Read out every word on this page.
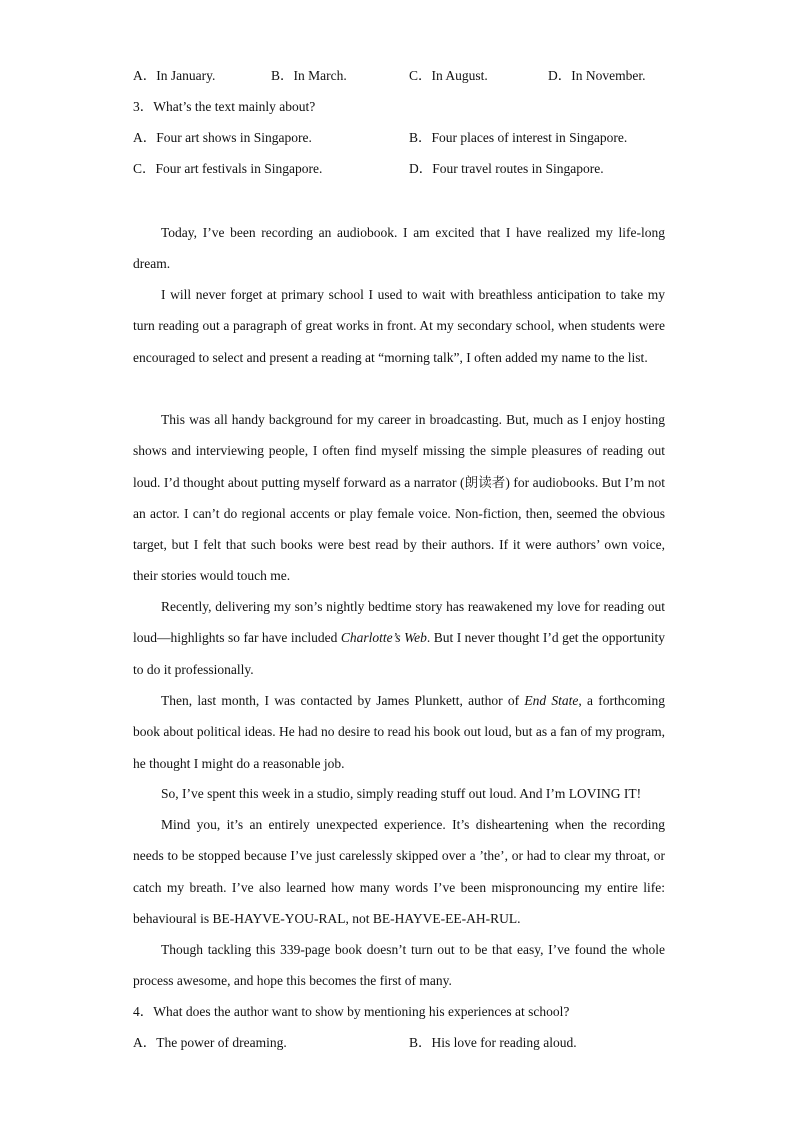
A．In January.	B．In March.	C．In August.	D．In November.
3．What’s the text mainly about?
A．Four art shows in Singapore.	B．Four places of interest in Singapore.
C．Four art festivals in Singapore.	D．Four travel routes in Singapore.
Today, I’ve been recording an audiobook. I am excited that I have realized my life-long dream.
I will never forget at primary school I used to wait with breathless anticipation to take my turn reading out a paragraph of great works in front. At my secondary school, when students were encouraged to select and present a reading at “morning talk”, I often added my name to the list.
This was all handy background for my career in broadcasting. But, much as I enjoy hosting shows and interviewing people, I often find myself missing the simple pleasures of reading out loud. I’d thought about putting myself forward as a narrator (朗读者) for audiobooks. But I’m not an actor. I can’t do regional accents or play female voice. Non-fiction, then, seemed the obvious target, but I felt that such books were best read by their authors. If it were authors’ own voice, their stories would touch me.
Recently, delivering my son’s nightly bedtime story has reawakened my love for reading out loud—highlights so far have included Charlotte’s Web. But I never thought I’d get the opportunity to do it professionally.
Then, last month, I was contacted by James Plunkett, author of End State, a forthcoming book about political ideas. He had no desire to read his book out loud, but as a fan of my program, he thought I might do a reasonable job.
So, I’ve spent this week in a studio, simply reading stuff out loud. And I’m LOVING IT!
Mind you, it’s an entirely unexpected experience. It’s disheartening when the recording needs to be stopped because I’ve just carelessly skipped over a ’the’, or had to clear my throat, or catch my breath. I’ve also learned how many words I’ve been mispronouncing my entire life: behavioural is BE-HAYVE-YOU-RAL, not BE-HAYVE-EE-AH-RUL.
Though tackling this 339-page book doesn’t turn out to be that easy, I’ve found the whole process awesome, and hope this becomes the first of many.
4．What does the author want to show by mentioning his experiences at school?
A．The power of dreaming.	B．His love for reading aloud.
